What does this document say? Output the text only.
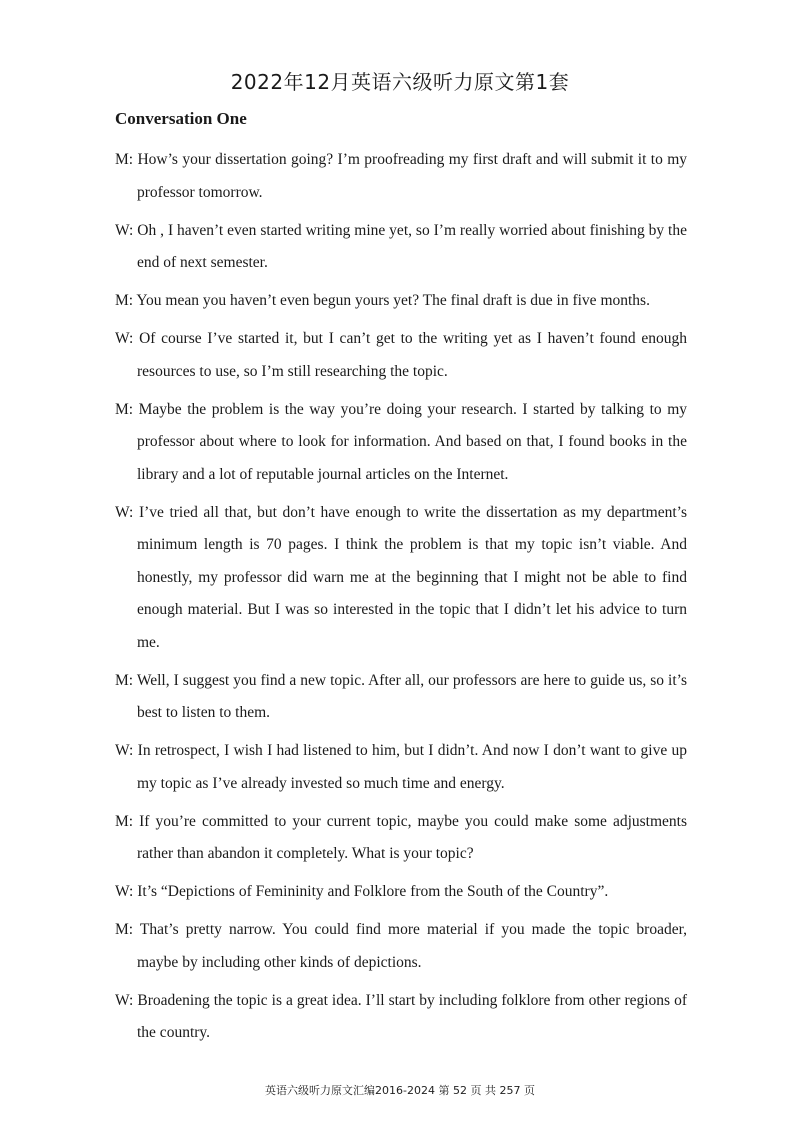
2022年12月英语六级听力原文第1套
Conversation One
M: How’s your dissertation going? I’m proofreading my first draft and will submit it to my professor tomorrow.
W: Oh , I haven’t even started writing mine yet, so I’m really worried about finishing by the end of next semester.
M: You mean you haven’t even begun yours yet? The final draft is due in five months.
W: Of course I’ve started it, but I can’t get to the writing yet as I haven’t found enough resources to use, so I’m still researching the topic.
M: Maybe the problem is the way you’re doing your research. I started by talking to my professor about where to look for information. And based on that, I found books in the library and a lot of reputable journal articles on the Internet.
W: I’ve tried all that, but don’t have enough to write the dissertation as my department’s minimum length is 70 pages. I think the problem is that my topic isn’t viable. And honestly, my professor did warn me at the beginning that I might not be able to find enough material. But I was so interested in the topic that I didn’t let his advice to turn me.
M: Well, I suggest you find a new topic. After all, our professors are here to guide us, so it’s best to listen to them.
W: In retrospect, I wish I had listened to him, but I didn’t. And now I don’t want to give up my topic as I’ve already invested so much time and energy.
M: If you’re committed to your current topic, maybe you could make some adjustments rather than abandon it completely. What is your topic?
W: It’s “Depictions of Femininity and Folklore from the South of the Country”.
M: That’s pretty narrow. You could find more material if you made the topic broader, maybe by including other kinds of depictions.
W: Broadening the topic is a great idea. I’ll start by including folklore from other regions of the country.
英语六级听力原文汇编2016-2024 第 52 页 共 257 页
